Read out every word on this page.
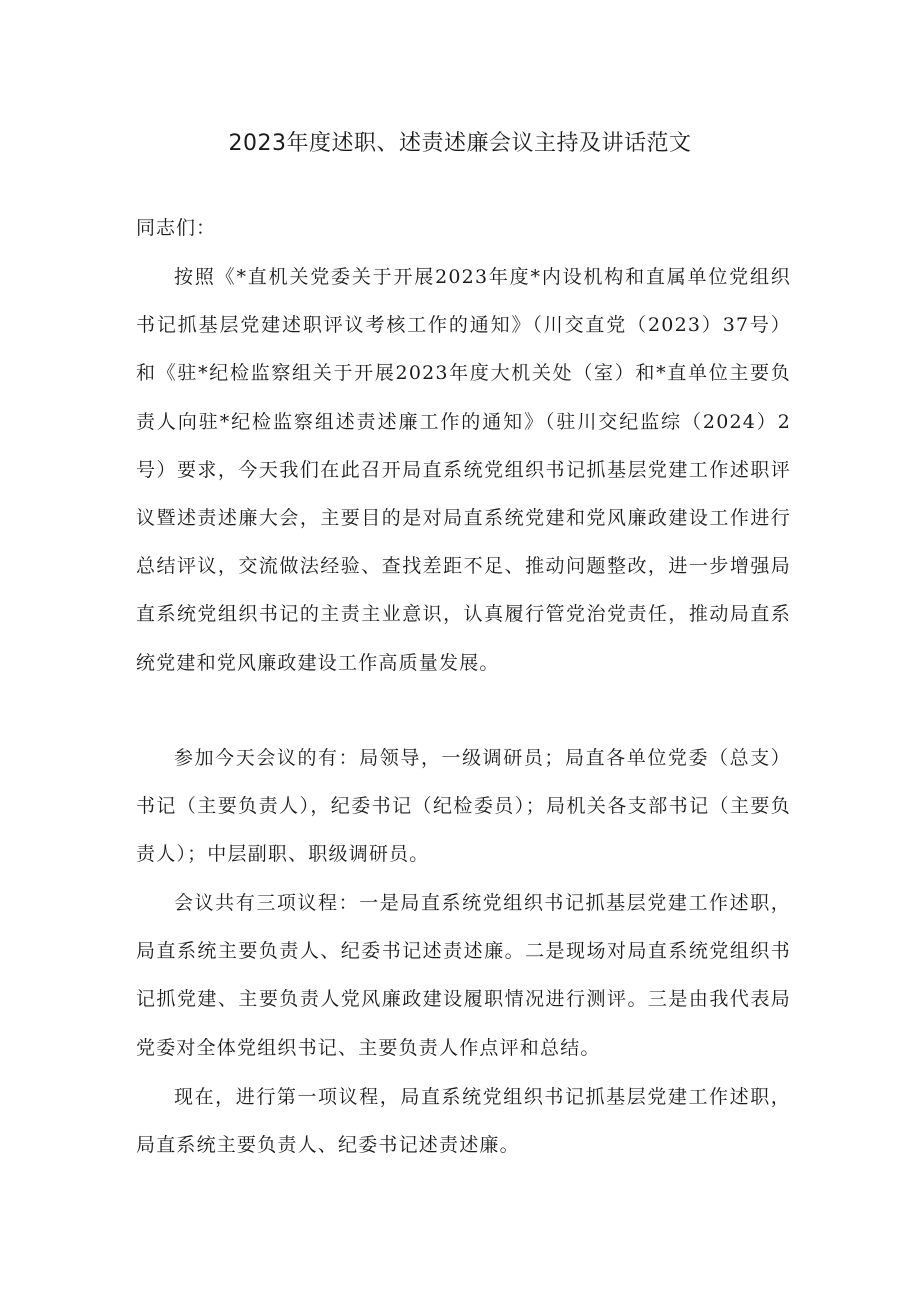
2023年度述职、述责述廉会议主持及讲话范文

同志们：

按照《*直机关党委关于开展2023年度*内设机构和直属单位党组织书记抓基层党建述职评议考核工作的通知》（川交直党（2023）37号）和《驻*纪检监察组关于开展2023年度大机关处（室）和*直单位主要负责人向驻*纪检监察组述责述廉工作的通知》（驻川交纪监综（2024）2号）要求，今天我们在此召开局直系统党组织书记抓基层党建工作述职评议暨述责述廉大会，主要目的是对局直系统党建和党风廉政建设工作进行总结评议，交流做法经验、查找差距不足、推动问题整改，进一步增强局直系统党组织书记的主责主业意识，认真履行管党治党责任，推动局直系统党建和党风廉政建设工作高质量发展。

参加今天会议的有：局领导，一级调研员；局直各单位党委（总支）书记（主要负责人），纪委书记（纪检委员）；局机关各支部书记（主要负责人）；中层副职、职级调研员。

会议共有三项议程：一是局直系统党组织书记抓基层党建工作述职，局直系统主要负责人、纪委书记述责述廉。二是现场对局直系统党组织书记抓党建、主要负责人党风廉政建设履职情况进行测评。三是由我代表局党委对全体党组织书记、主要负责人作点评和总结。

现在，进行第一项议程，局直系统党组织书记抓基层党建工作述职，局直系统主要负责人、纪委书记述责述廉。
